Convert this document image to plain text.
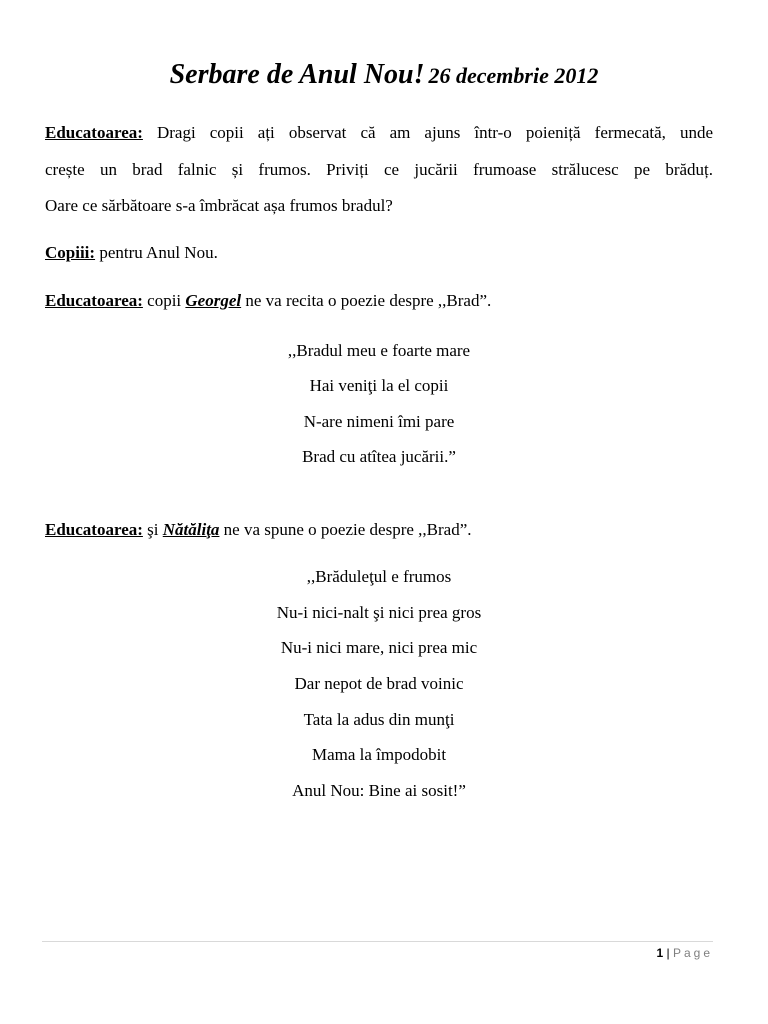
Serbare de Anul Nou! 26 decembrie 2012
Educatoarea: Dragi copii ați observat că am ajuns într-o poieniță fermecată, unde
crește un brad falnic și frumos. Priviți ce jucării frumoase strălucesc pe brăduț.
Oare ce sărbătoare s-a îmbrăcat așa frumos bradul?
Copiii: pentru Anul Nou.
Educatoarea: copii Georgel ne va recita o poezie despre ,,Brad”.
,,Bradul meu e foarte mare
Hai veniţi la el copii
N-are nimeni îmi pare
Brad cu atîtea jucării.”
Educatoarea: şi Nătăliţa ne va spune o poezie despre ,,Brad”.
,,Brăduleţul e frumos
Nu-i nici-nalt şi nici prea gros
Nu-i nici mare, nici prea mic
Dar nepot de brad voinic
Tata la adus din munţi
Mama la împodobit
Anul Nou: Bine ai sosit!”
1 | Page
